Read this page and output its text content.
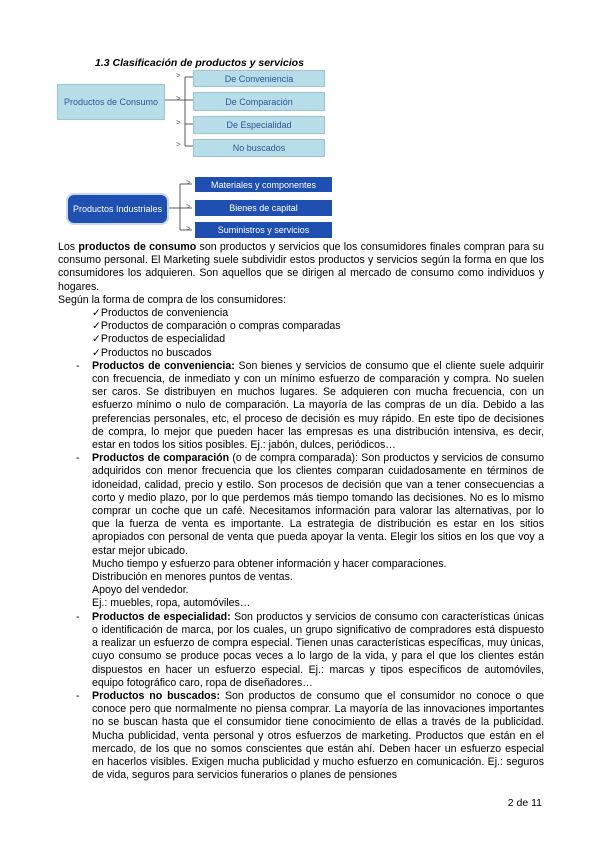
1.3 Clasificación de productos y servicios
>
>
>
>
>
>
>
Productos de Consumo
De Conveniencia
De Comparación
De Especialidad
No buscados
Productos Industriales
Materiales y componentes
Bienes de capital
Suministros y servicios

Los productos de consumo son productos y servicios que los consumidores finales compran para su consumo personal. El Marketing suele subdividir estos productos y servicios según la forma en que los consumidores los adquieren. Son aquellos que se dirigen al mercado de consumo como individuos y hogares.

Según la forma de compra de los consumidores:

✓ Productos de conveniencia
✓ Productos de comparación o compras comparadas
✓ Productos de especialidad
✓ Productos no buscados
- Productos de conveniencia: Son bienes y servicios de consumo que el cliente suele adquirir con frecuencia, de inmediato y con un mínimo esfuerzo de comparación y compra. No suelen ser caros. Se distribuyen en muchos lugares. Se adquieren con mucha frecuencia, con un esfuerzo mínimo o nulo de comparación. La mayoría de las compras de un día. Debido a las preferencias personales, etc, el proceso de decisión es muy rápido. En este tipo de decisiones de compra, lo mejor que pueden hacer las empresas es una distribución intensiva, es decir, estar en todos los sitios posibles. Ej.: jabón, dulces, periódicos…
- Productos de comparación (o de compra comparada): Son productos y servicios de consumo adquiridos con menor frecuencia que los clientes comparan cuidadosamente en términos de idoneidad, calidad, precio y estilo. Son procesos de decisión que van a tener consecuencias a corto y medio plazo, por lo que perdemos más tiempo tomando las decisiones. No es lo mismo comprar un coche que un café. Necesitamos información para valorar las alternativas, por lo que la fuerza de venta es importante. La estrategia de distribución es estar en los sitios apropiados con personal de venta que pueda apoyar la venta. Elegir los sitios en los que voy a estar mejor ubicado.
Mucho tiempo y esfuerzo para obtener información y hacer comparaciones.
Distribución en menores puntos de ventas.
Apoyo del vendedor.
Ej.: muebles, ropa, automóviles…
- Productos de especialidad: Son productos y servicios de consumo con características únicas o identificación de marca, por los cuales, un grupo significativo de compradores está dispuesto a realizar un esfuerzo de compra especial. Tienen unas características específicas, muy únicas, cuyo consumo se produce pocas veces a lo largo de la vida, y para el que los clientes están dispuestos en hacer un esfuerzo especial. Ej.: marcas y tipos específicos de automóviles, equipo fotográfico caro, ropa de diseñadores…
- Productos no buscados: Son productos de consumo que el consumidor no conoce o que conoce pero que normalmente no piensa comprar. La mayoría de las innovaciones importantes no se buscan hasta que el consumidor tiene conocimiento de ellas a través de la publicidad. Mucha publicidad, venta personal y otros esfuerzos de marketing. Productos que están en el mercado, de los que no somos conscientes que están ahí. Deben hacer un esfuerzo especial en hacerlos visibles. Exigen mucha publicidad y mucho esfuerzo en comunicación. Ej.: seguros de vida, seguros para servicios funerarios o planes de pensiones
2 de 11
